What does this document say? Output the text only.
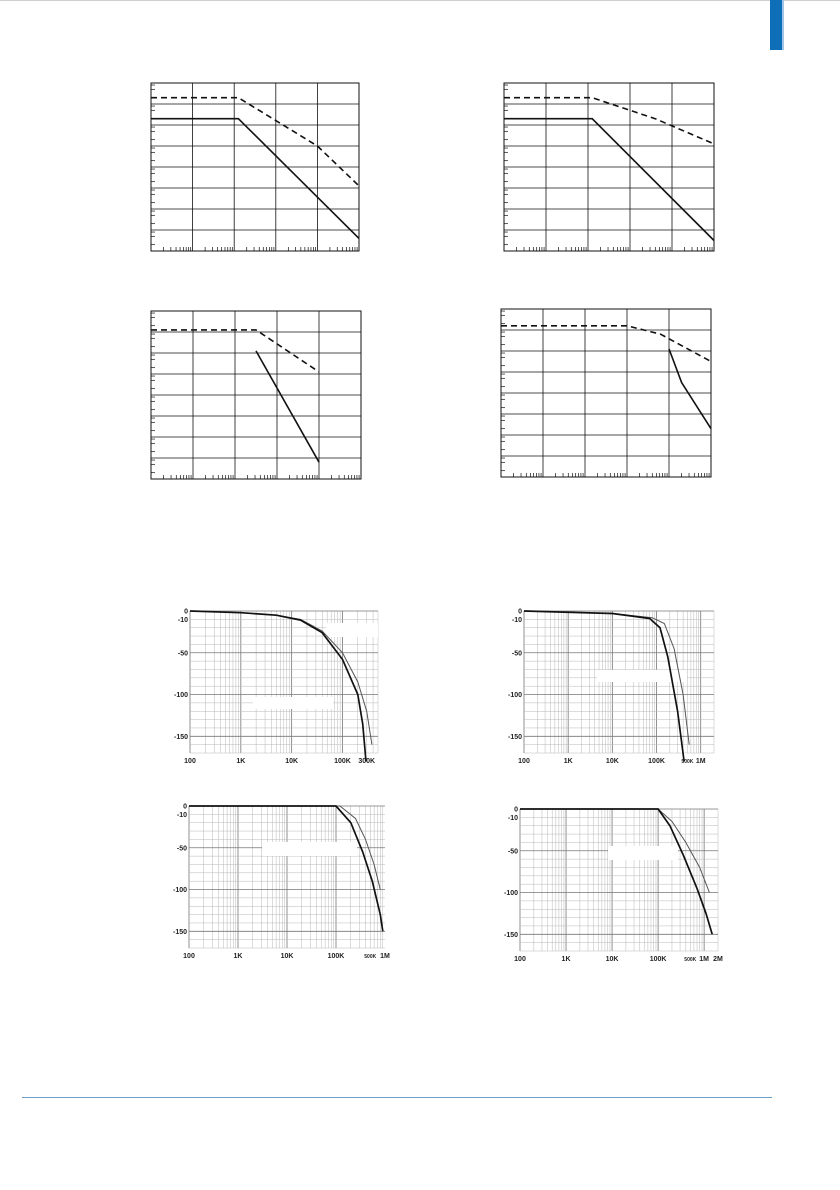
0
-10
-50
-100
-150
100	1K	10K	100K 300K
0
-10
-50
-100
-150
100	1K	10K	100K	500K 1M
0
-10
-50
-100
-150
100	1K	10K	100K	500K 1M
0
-10
-50
-100
-150
100	1K	10K	100K	500K 1M 2M
